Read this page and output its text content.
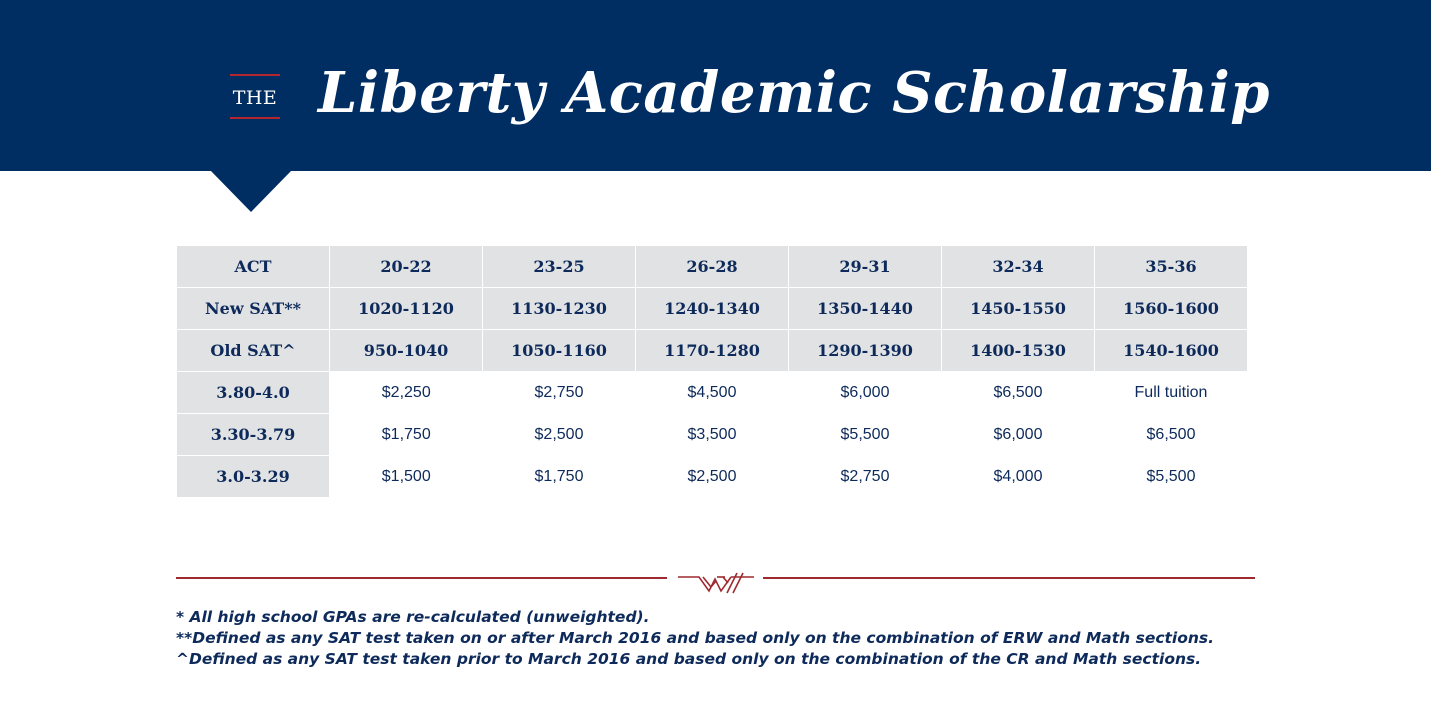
THE Liberty Academic Scholarship
ACT	20-22	23-25	26-28	29-31	32-34	35-36
New SAT**	1020-1120	1130-1230	1240-1340	1350-1440	1450-1550	1560-1600
Old SAT^	950-1040	1050-1160	1170-1280	1290-1390	1400-1530	1540-1600
3.80-4.0	$2,250	$2,750	$4,500	$6,000	$6,500	Full tuition
3.30-3.79	$1,750	$2,500	$3,500	$5,500	$6,000	$6,500
3.0-3.29	$1,500	$1,750	$2,500	$2,750	$4,000	$5,500
* All high school GPAs are re-calculated (unweighted).
**Defined as any SAT test taken on or after March 2016 and based only on the combination of ERW and Math sections.
^Defined as any SAT test taken prior to March 2016 and based only on the combination of the CR and Math sections.
